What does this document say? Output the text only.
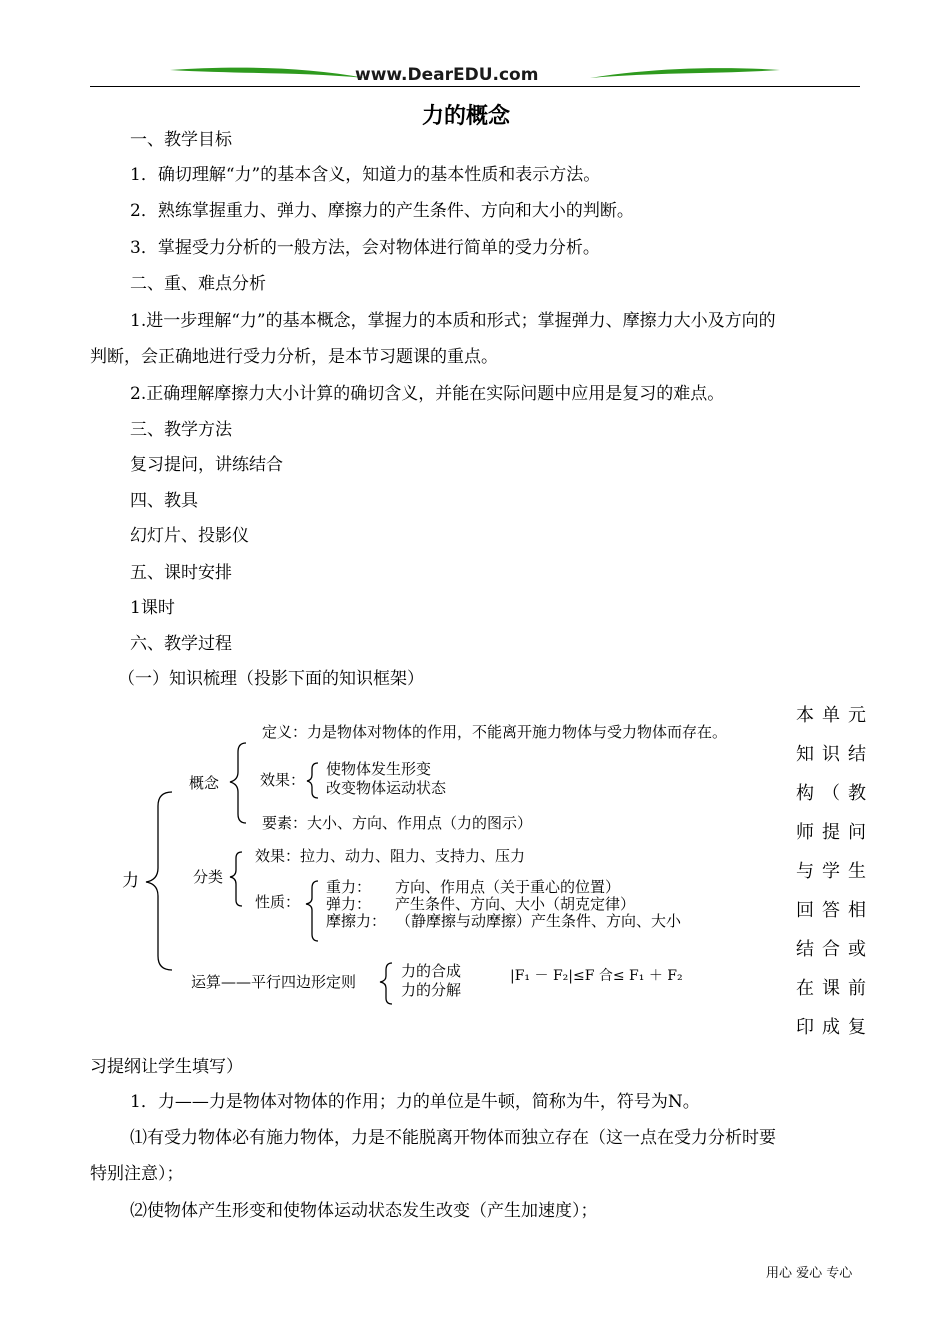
www.DearEDU.com
力的概念
一、教学目标
1．确切理解“力”的基本含义，知道力的基本性质和表示方法。
2．熟练掌握重力、弹力、摩擦力的产生条件、方向和大小的判断。
3．掌握受力分析的一般方法，会对物体进行简单的受力分析。
二、重、难点分析
1.进一步理解“力”的基本概念，掌握力的本质和形式；掌握弹力、摩擦力大小及方向的
判断，会正确地进行受力分析，是本节习题课的重点。
2.正确理解摩擦力大小计算的确切含义，并能在实际问题中应用是复习的难点。
三、教学方法
复习提问，讲练结合
四、教具
幻灯片、投影仪
五、课时安排
1课时
六、教学过程
（一）知识梳理（投影下面的知识框架）
本单元
知识结
构（教
师提问
与学生
回答相
结合或
在课前
印成复
力
概念
定义：力是物体对物体的作用，不能离开施力物体与受力物体而存在。
效果：
使物体发生形变
改变物体运动状态
要素：大小、方向、作用点（力的图示）
分类
效果：拉力、动力、阻力、支持力、压力
性质：
重力： 方向、作用点（关于重心的位置）
弹力： 产生条件、方向、大小（胡克定律）
摩擦力： （静摩擦与动摩擦）产生条件、方向、大小
运算——平行四边形定则
力的合成
力的分解
|F₁ － F₂|≤F 合≤ F₁ ＋ F₂
习提纲让学生填写）
1．力——力是物体对物体的作用；力的单位是牛顿，简称为牛，符号为N。
⑴有受力物体必有施力物体，力是不能脱离开物体而独立存在（这一点在受力分析时要
特别注意）；
⑵使物体产生形变和使物体运动状态发生改变（产生加速度）；
用心 爱心 专心
